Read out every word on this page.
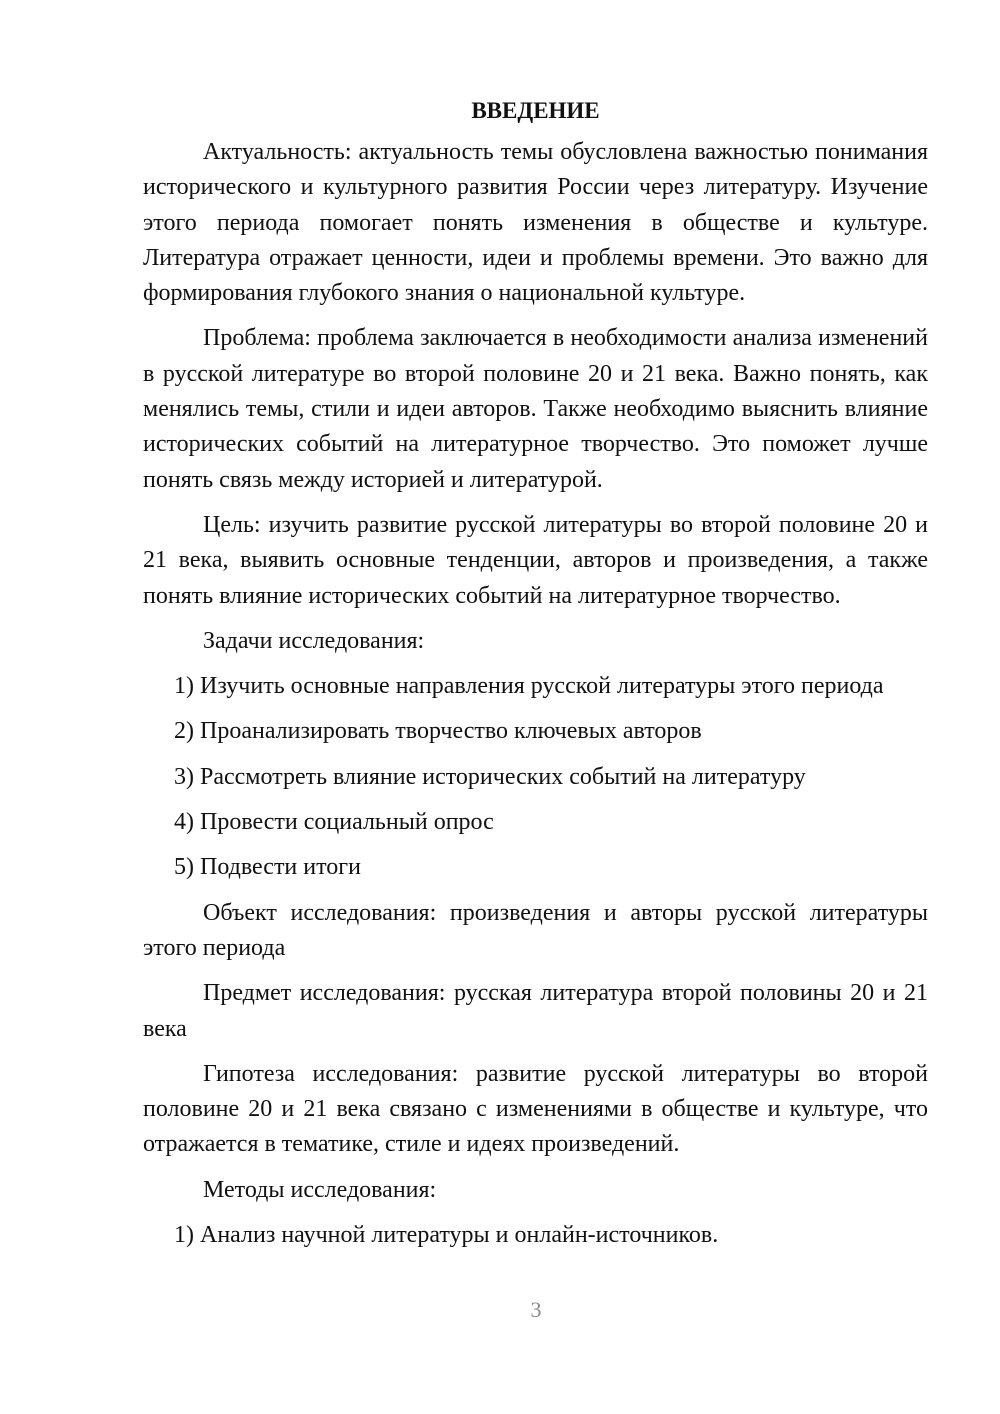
ВВЕДЕНИЕ

Актуальность: актуальность темы обусловлена важностью понимания исторического и культурного развития России через литературу. Изучение этого периода помогает понять изменения в обществе и культуре. Литература отражает ценности, идеи и проблемы времени. Это важно для формирования глубокого знания о национальной культуре.

Проблема: проблема заключается в необходимости анализа изменений в русской литературе во второй половине 20 и 21 века. Важно понять, как менялись темы, стили и идеи авторов. Также необходимо выяснить влияние исторических событий на литературное творчество. Это поможет лучше понять связь между историей и литературой.

Цель: изучить развитие русской литературы во второй половине 20 и 21 века, выявить основные тенденции, авторов и произведения, а также понять влияние исторических событий на литературное творчество.

Задачи исследования:

1) Изучить основные направления русской литературы этого периода
2) Проанализировать творчество ключевых авторов
3) Рассмотреть влияние исторических событий на литературу
4) Провести социальный опрос
5) Подвести итоги

Объект исследования: произведения и авторы русской литературы этого периода

Предмет исследования: русская литература второй половины 20 и 21 века

Гипотеза исследования: развитие русской литературы во второй половине 20 и 21 века связано с изменениями в обществе и культуре, что отражается в тематике, стиле и идеях произведений.

Методы исследования:

1) Анализ научной литературы и онлайн-источников.
3
